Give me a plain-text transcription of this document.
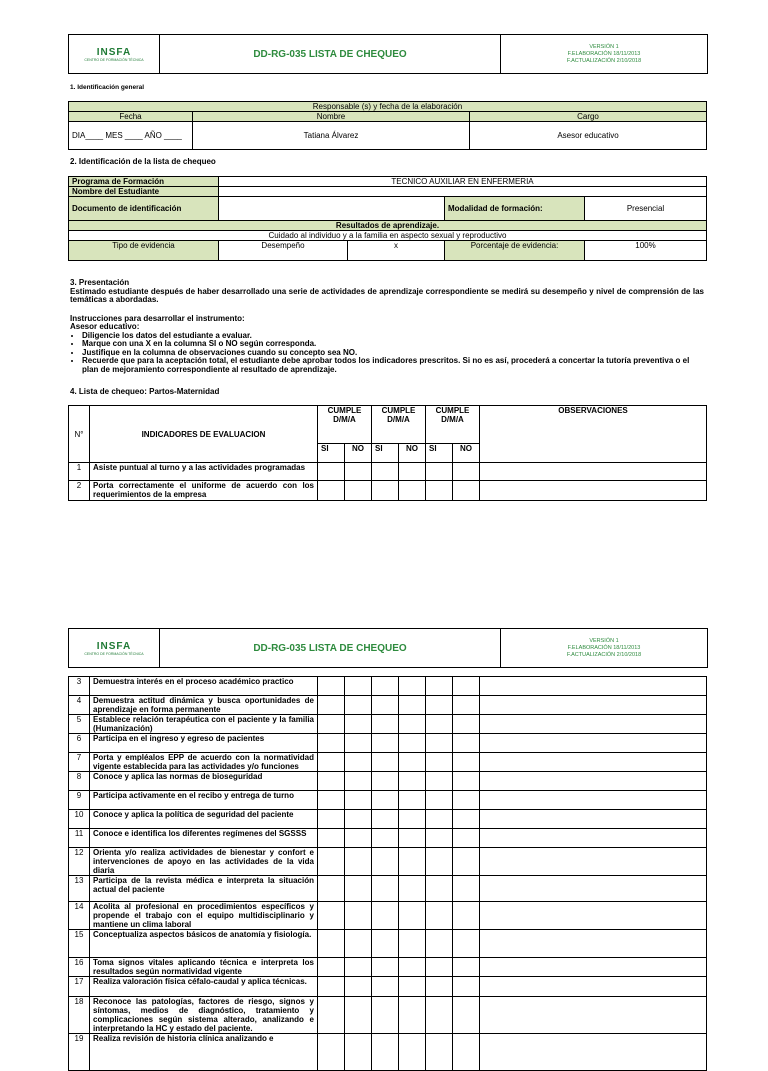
INSFA
CENTRO DE FORMACIÓN TÉCNICA	DD-RG-035 LISTA DE CHEQUEO
VERSIÓN 1
F.ELABORACIÓN 18/11/2013
F.ACTUALIZACIÓN 2/10/2018
1. Identificación general
Responsable (s) y fecha de la elaboración		
Fecha	Nombre	Cargo
DIA____ MES ____ AÑO ____	Tatiana Álvarez	Asesor educativo
2. Identificación de la lista de chequeo
Programa de Formación	TECNICO AUXILIAR EN ENFERMERIA			
Nombre del Estudiante				
Documento de identificación			Modalidad de formación:	Presencial
Resultados de aprendizaje.				
Cuidado al individuo y a la familia en aspecto sexual y reproductivo				
Tipo de evidencia	Desempeño	x	Porcentaje de evidencia:	100%
3. Presentación
Estimado estudiante después de haber desarrollado una serie de actividades de aprendizaje correspondiente se medirá su desempeño y nivel de comprensión de las temáticas a abordadas.
Instrucciones para desarrollar el instrumento:
Asesor educativo:
• Diligencie los datos del estudiante a evaluar.
• Marque con una X en la columna SI o NO según corresponda.
• Justifique en la columna de observaciones cuando su concepto sea NO.
• Recuerde que para la aceptación total, el estudiante debe aprobar todos los indicadores prescritos. Si no es así, procederá a concertar la tutoría preventiva o el plan de mejoramiento correspondiente al resultado de aprendizaje.
4. Lista de chequeo: Partos-Maternidad
N°	INDICADORES DE EVALUACION	CUMPLE D/M/A		CUMPLE D/M/A		CUMPLE D/M/A		OBSERVACIONES
		SI	NO	SI	NO	SI	NO	
1	Asiste puntual al turno y a las actividades programadas							
2	Porta correctamente el uniforme de acuerdo con los requerimientos de la empresa							
INSFA
CENTRO DE FORMACIÓN TÉCNICA	DD-RG-035 LISTA DE CHEQUEO
VERSIÓN 1
F.ELABORACIÓN 18/11/2013
F.ACTUALIZACIÓN 2/10/2018
3	Demuestra interés en el proceso académico practico							
4	Demuestra actitud dinámica y busca oportunidades de aprendizaje en forma permanente							
5	Establece relación terapéutica con el paciente y la familia (Humanización)							
6	Participa en el ingreso y egreso de pacientes							
7	Porta y empléalos EPP de acuerdo con la normatividad vigente establecida para las actividades y/o funciones							
8	Conoce y aplica las normas de bioseguridad							
9	Participa activamente en el recibo y entrega de turno							
10	Conoce y aplica la política de seguridad del paciente							
11	Conoce e identifica los diferentes regímenes del SGSSS							
12	Orienta y/o realiza actividades de bienestar y confort e intervenciones de apoyo en las actividades de la vida diaria							
13	Participa de la revista médica e interpreta la situación actual del paciente							
14	Acolita al profesional en procedimientos específicos y propende el trabajo con el equipo multidisciplinario y mantiene un clima laboral							
15	Conceptualiza aspectos básicos de anatomía y fisiología.							
16	Toma signos vitales aplicando técnica e interpreta los resultados según normatividad vigente							
17	Realiza valoración física céfalo-caudal y aplica técnicas.							
18	Reconoce las patologías, factores de riesgo, signos y síntomas, medios de diagnóstico, tratamiento y complicaciones según sistema alterado, analizando e interpretando la HC y estado del paciente.							
19	Realiza revisión de historia clínica analizando e							
